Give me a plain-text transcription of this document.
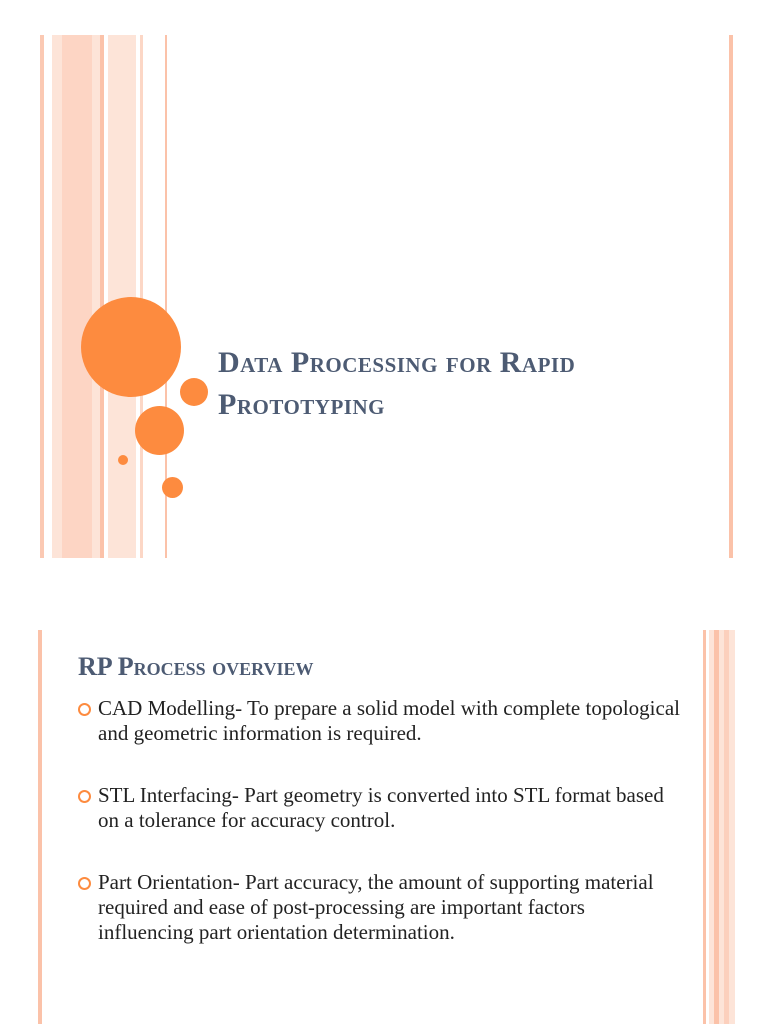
Data Processing for Rapid
Prototyping
RP Process overview
CAD Modelling- To prepare a solid model with complete topological and geometric information is required.
STL Interfacing- Part geometry is converted into STL format based on a tolerance for accuracy control.
Part Orientation- Part accuracy, the amount of supporting material required and ease of post-processing are important factors influencing part orientation determination.
